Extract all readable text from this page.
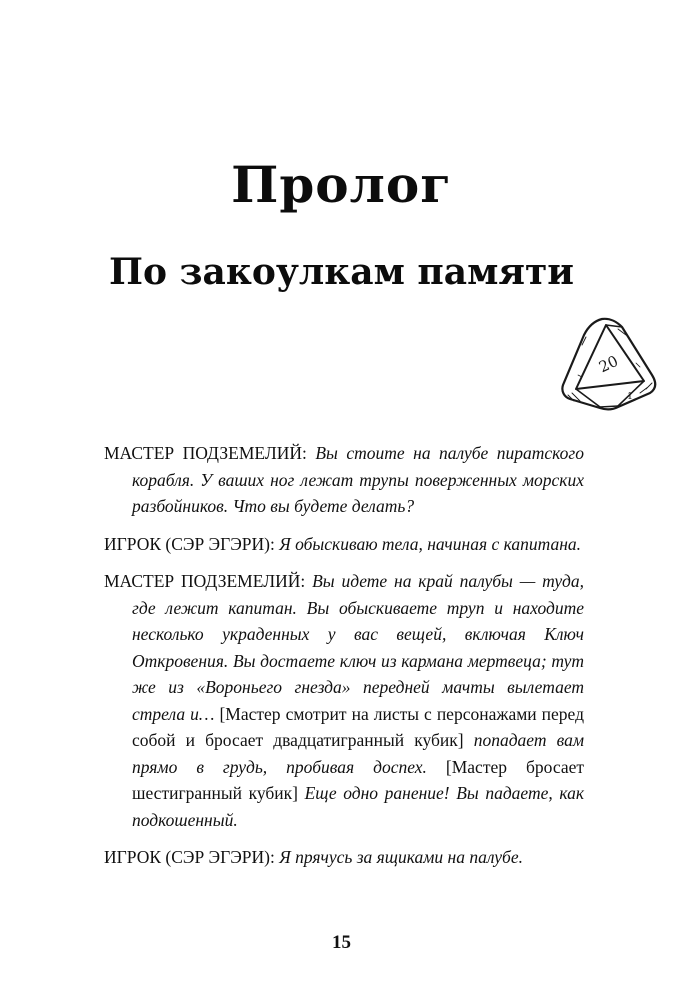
Пролог
По закоулкам памяти
20
1

МАСТЕР ПОДЗЕМЕЛИЙ: Вы стоите на палубе пиратского корабля. У ваших ног лежат трупы поверженных морских разбойников. Что вы будете делать?

ИГРОК (СЭР ЭГЭРИ): Я обыскиваю тела, начиная с капитана.

МАСТЕР ПОДЗЕМЕЛИЙ: Вы идете на край палубы — туда, где лежит капитан. Вы обыскиваете труп и находите несколько украденных у вас вещей, включая Ключ Откровения. Вы достаете ключ из кармана мертвеца; тут же из «Вороньего гнезда» передней мачты вылетает стрела и… [Мастер смотрит на листы с персонажами перед собой и бросает двадцатигранный кубик] попадает вам прямо в грудь, пробивая доспех. [Мастер бросает шестигранный кубик] Еще одно ранение! Вы падаете, как подкошенный.

ИГРОК (СЭР ЭГЭРИ): Я прячусь за ящиками на палубе.

15
